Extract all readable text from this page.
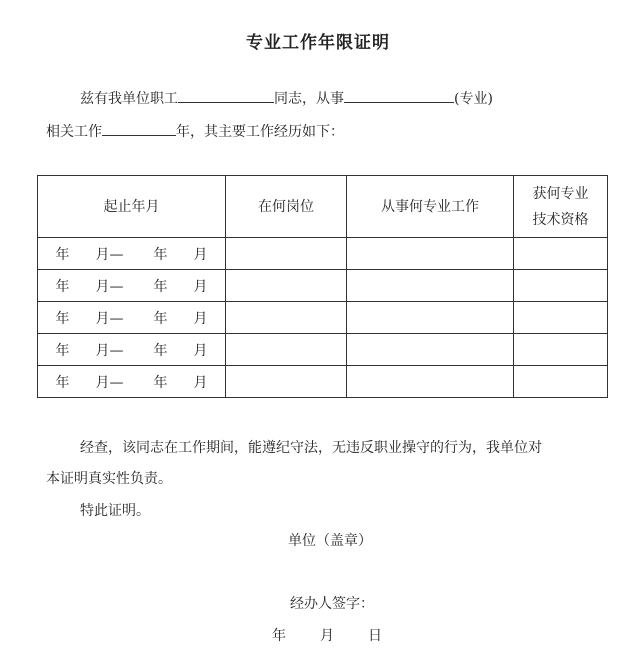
专业工作年限证明
兹有我单位职工	同志，从事	(专业)
相关工作	年，其主要工作经历如下：
起止年月	在何岗位	从事何专业工作	获何专业
技术资格
年 月— 年 月			
年 月— 年 月			
年 月— 年 月			
年 月— 年 月			
年 月— 年 月			
经查，该同志在工作期间，能遵纪守法，无违反职业操守的行为，我单位对
本证明真实性负责。
特此证明。
单位（盖章）
经办人签字：
年 月 日
